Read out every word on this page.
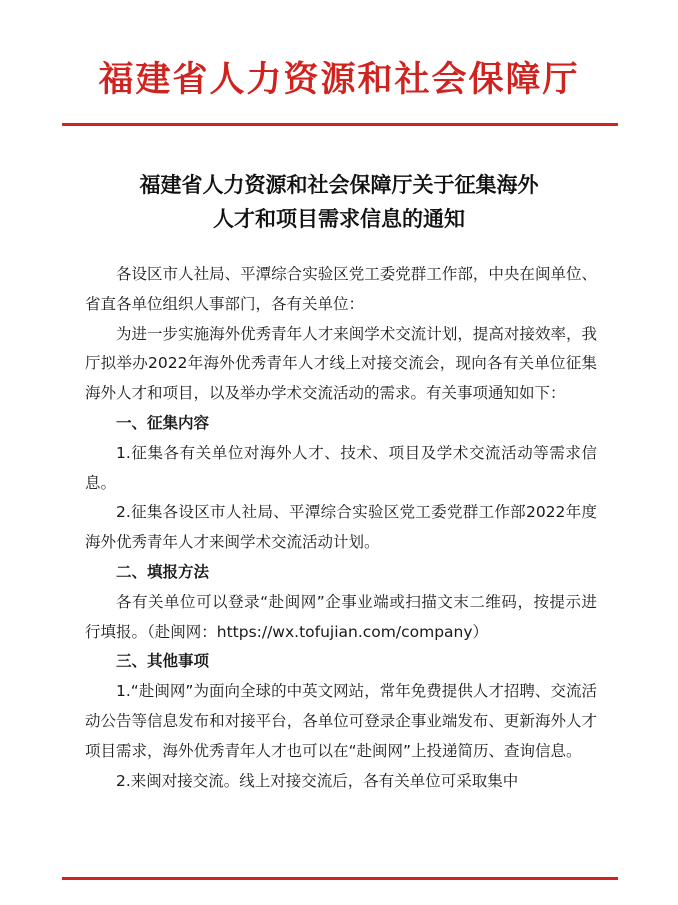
福建省人力资源和社会保障厅
福建省人力资源和社会保障厅关于征集海外
人才和项目需求信息的通知

各设区市人社局、平潭综合实验区党工委党群工作部，中央在闽单位、省直各单位组织人事部门，各有关单位：

为进一步实施海外优秀青年人才来闽学术交流计划，提高对接效率，我厅拟举办2022年海外优秀青年人才线上对接交流会，现向各有关单位征集海外人才和项目，以及举办学术交流活动的需求。有关事项通知如下：

一、征集内容

1.征集各有关单位对海外人才、技术、项目及学术交流活动等需求信息。

2.征集各设区市人社局、平潭综合实验区党工委党群工作部2022年度海外优秀青年人才来闽学术交流活动计划。

二、填报方法

各有关单位可以登录“赴闽网”企事业端或扫描文末二维码，按提示进行填报。（赴闽网：https://wx.tofujian.com/company）

三、其他事项

1.“赴闽网”为面向全球的中英文网站，常年免费提供人才招聘、交流活动公告等信息发布和对接平台，各单位可登录企事业端发布、更新海外人才项目需求，海外优秀青年人才也可以在“赴闽网”上投递简历、查询信息。

2.来闽对接交流。线上对接交流后，各有关单位可采取集中
